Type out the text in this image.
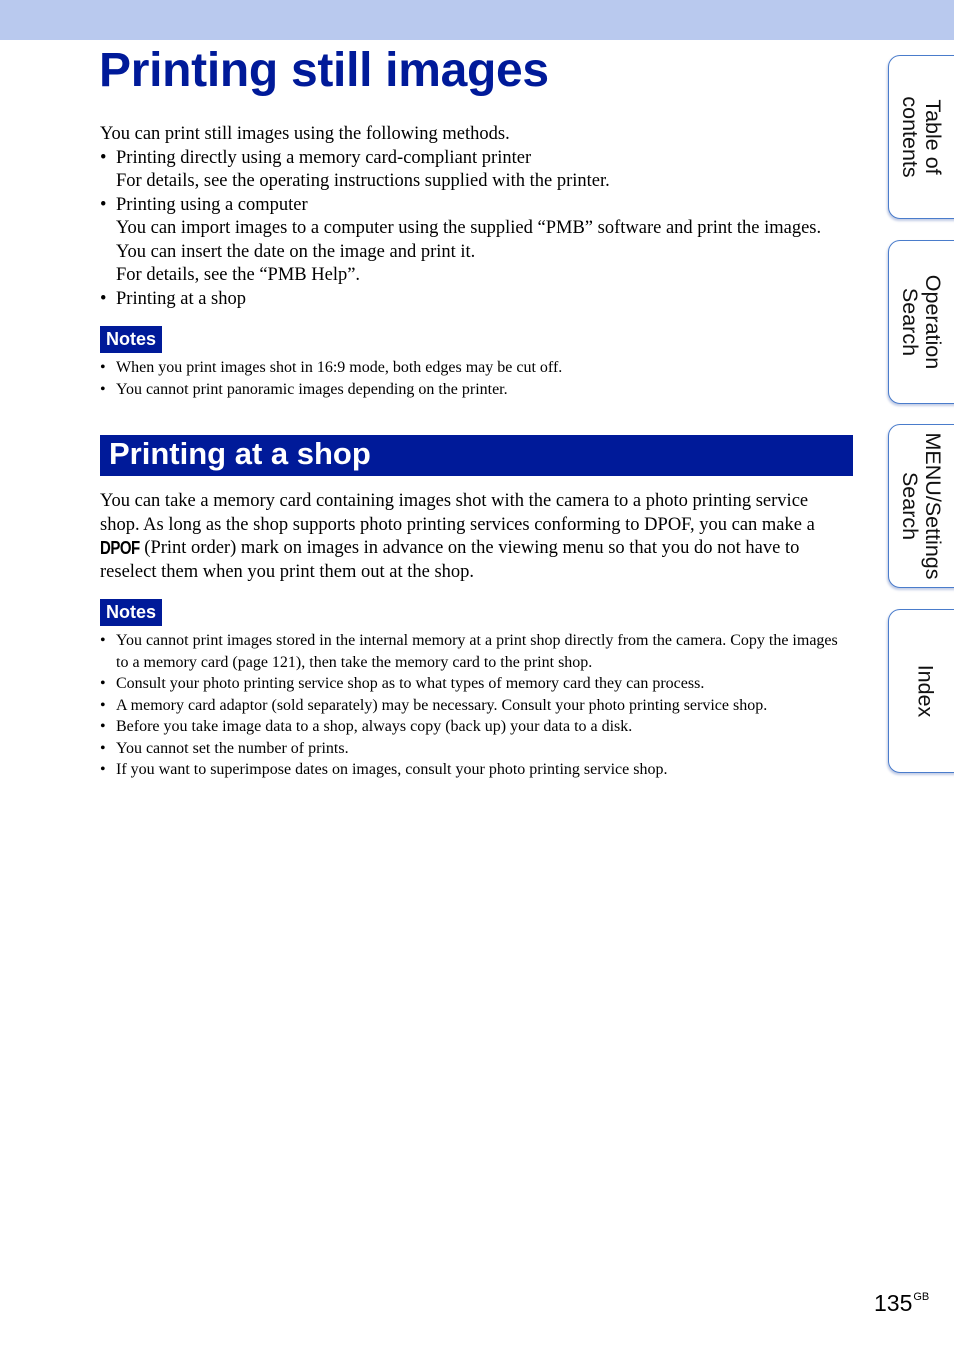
Printing still images

You can print still images using the following methods.

• Printing directly using a memory card-compliant printer
For details, see the operating instructions supplied with the printer.
• Printing using a computer
You can import images to a computer using the supplied “PMB” software and print the images. You can insert the date on the image and print it.
For details, see the “PMB Help”.
• Printing at a shop
Notes
• When you print images shot in 16:9 mode, both edges may be cut off.
• You cannot print panoramic images depending on the printer.
Printing at a shop

You can take a memory card containing images shot with the camera to a photo printing service shop. As long as the shop supports photo printing services conforming to DPOF, you can make a DPOF (Print order) mark on images in advance on the viewing menu so that you do not have to reselect them when you print them out at the shop.

Notes
• You cannot print images stored in the internal memory at a print shop directly from the camera. Copy the images to a memory card (page 121), then take the memory card to the print shop.
• Consult your photo printing service shop as to what types of memory card they can process.
• A memory card adaptor (sold separately) may be necessary. Consult your photo printing service shop.
• Before you take image data to a shop, always copy (back up) your data to a disk.
• You cannot set the number of prints.
• If you want to superimpose dates on images, consult your photo printing service shop.
Table of
contents
Operation
Search
MENU/Settings
Search
Index
$135^{GB}$
